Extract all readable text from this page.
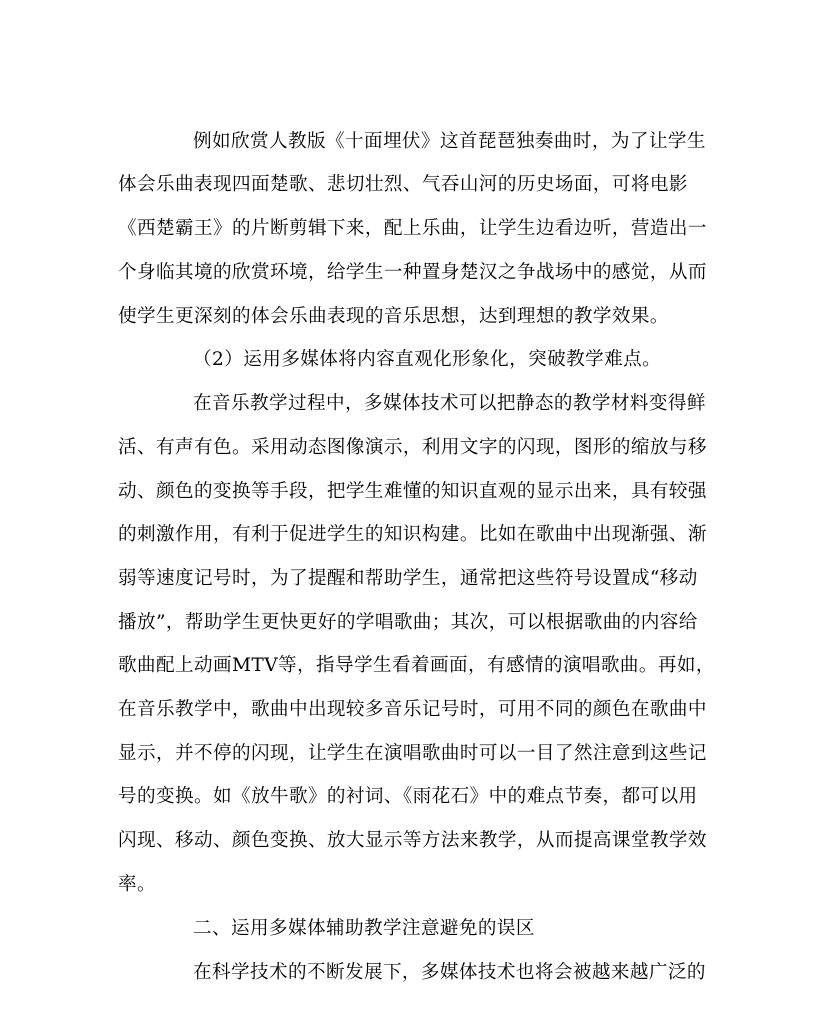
例如欣赏人教版《十面埋伏》这首琵琶独奏曲时，为了让学生
体会乐曲表现四面楚歌、悲切壮烈、气吞山河的历史场面，可将电影
《西楚霸王》的片断剪辑下来，配上乐曲，让学生边看边听，营造出一
个身临其境的欣赏环境，给学生一种置身楚汉之争战场中的感觉，从而
使学生更深刻的体会乐曲表现的音乐思想，达到理想的教学效果。
（2）运用多媒体将内容直观化形象化，突破教学难点。
在音乐教学过程中，多媒体技术可以把静态的教学材料变得鲜
活、有声有色。采用动态图像演示，利用文字的闪现，图形的缩放与移
动、颜色的变换等手段，把学生难懂的知识直观的显示出来，具有较强
的刺激作用，有利于促进学生的知识构建。比如在歌曲中出现渐强、渐
弱等速度记号时，为了提醒和帮助学生，通常把这些符号设置成“移动
播放”，帮助学生更快更好的学唱歌曲；其次，可以根据歌曲的内容给
歌曲配上动画MTV等，指导学生看着画面，有感情的演唱歌曲。再如，
在音乐教学中，歌曲中出现较多音乐记号时，可用不同的颜色在歌曲中
显示，并不停的闪现，让学生在演唱歌曲时可以一目了然注意到这些记
号的变换。如《放牛歌》的衬词、《雨花石》中的难点节奏，都可以用
闪现、移动、颜色变换、放大显示等方法来教学，从而提高课堂教学效
率。
二、运用多媒体辅助教学注意避免的误区
在科学技术的不断发展下，多媒体技术也将会被越来越广泛的
